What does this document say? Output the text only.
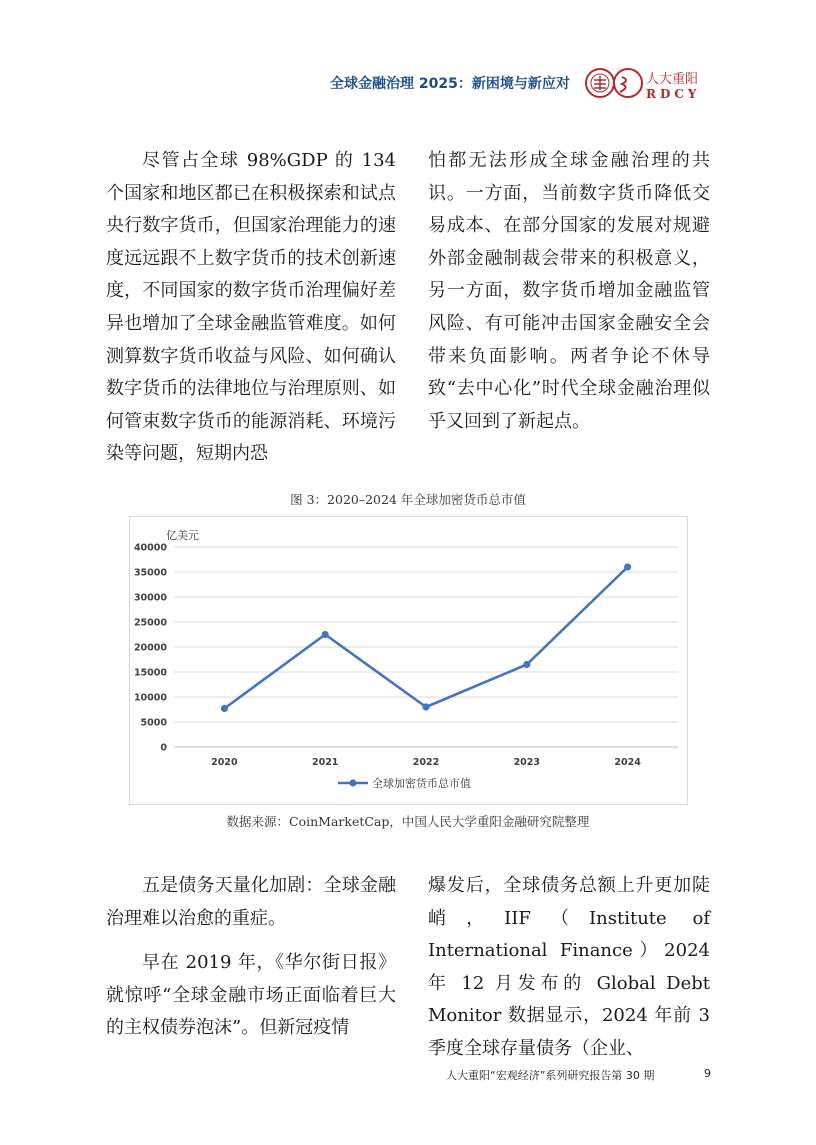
全球金融治理 2025：新困境与新应对	人大重阳
RDCY

尽管占全球 98%GDP 的 134 个国家和地区都已在积极探索和试点央行数字货币，但国家治理能力的速度远远跟不上数字货币的技术创新速度，不同国家的数字货币治理偏好差异也增加了全球金融监管难度。如何测算数字货币收益与风险、如何确认数字货币的法律地位与治理原则、如何管束数字货币的能源消耗、环境污染等问题，短期内恐

怕都无法形成全球金融治理的共识。一方面，当前数字货币降低交易成本、在部分国家的发展对规避外部金融制裁会带来的积极意义，另一方面，数字货币增加金融监管风险、有可能冲击国家金融安全会带来负面影响。两者争论不休导致“去中心化”时代全球金融治理似乎又回到了新起点。

图 3：2020–2024 年全球加密货币总市值
亿美元
0
5000
10000
15000
20000
25000
30000
35000
40000
2020	2021	2022	2023	2024
全球加密货币总市值
数据来源：CoinMarketCap，中国人民大学重阳金融研究院整理

五是债务天量化加剧：全球金融治理难以治愈的重症。

早在 2019 年，《华尔街日报》就惊呼“全球金融市场正面临着巨大的主权债券泡沫”。但新冠疫情

爆发后，全球债务总额上升更加陡峭，IIF（Institute of International Finance）2024 年 12 月发布的 Global Debt Monitor 数据显示，2024 年前 3 季度全球存量债务（企业、

人大重阳“宏观经济”系列研究报告第 30 期	9
